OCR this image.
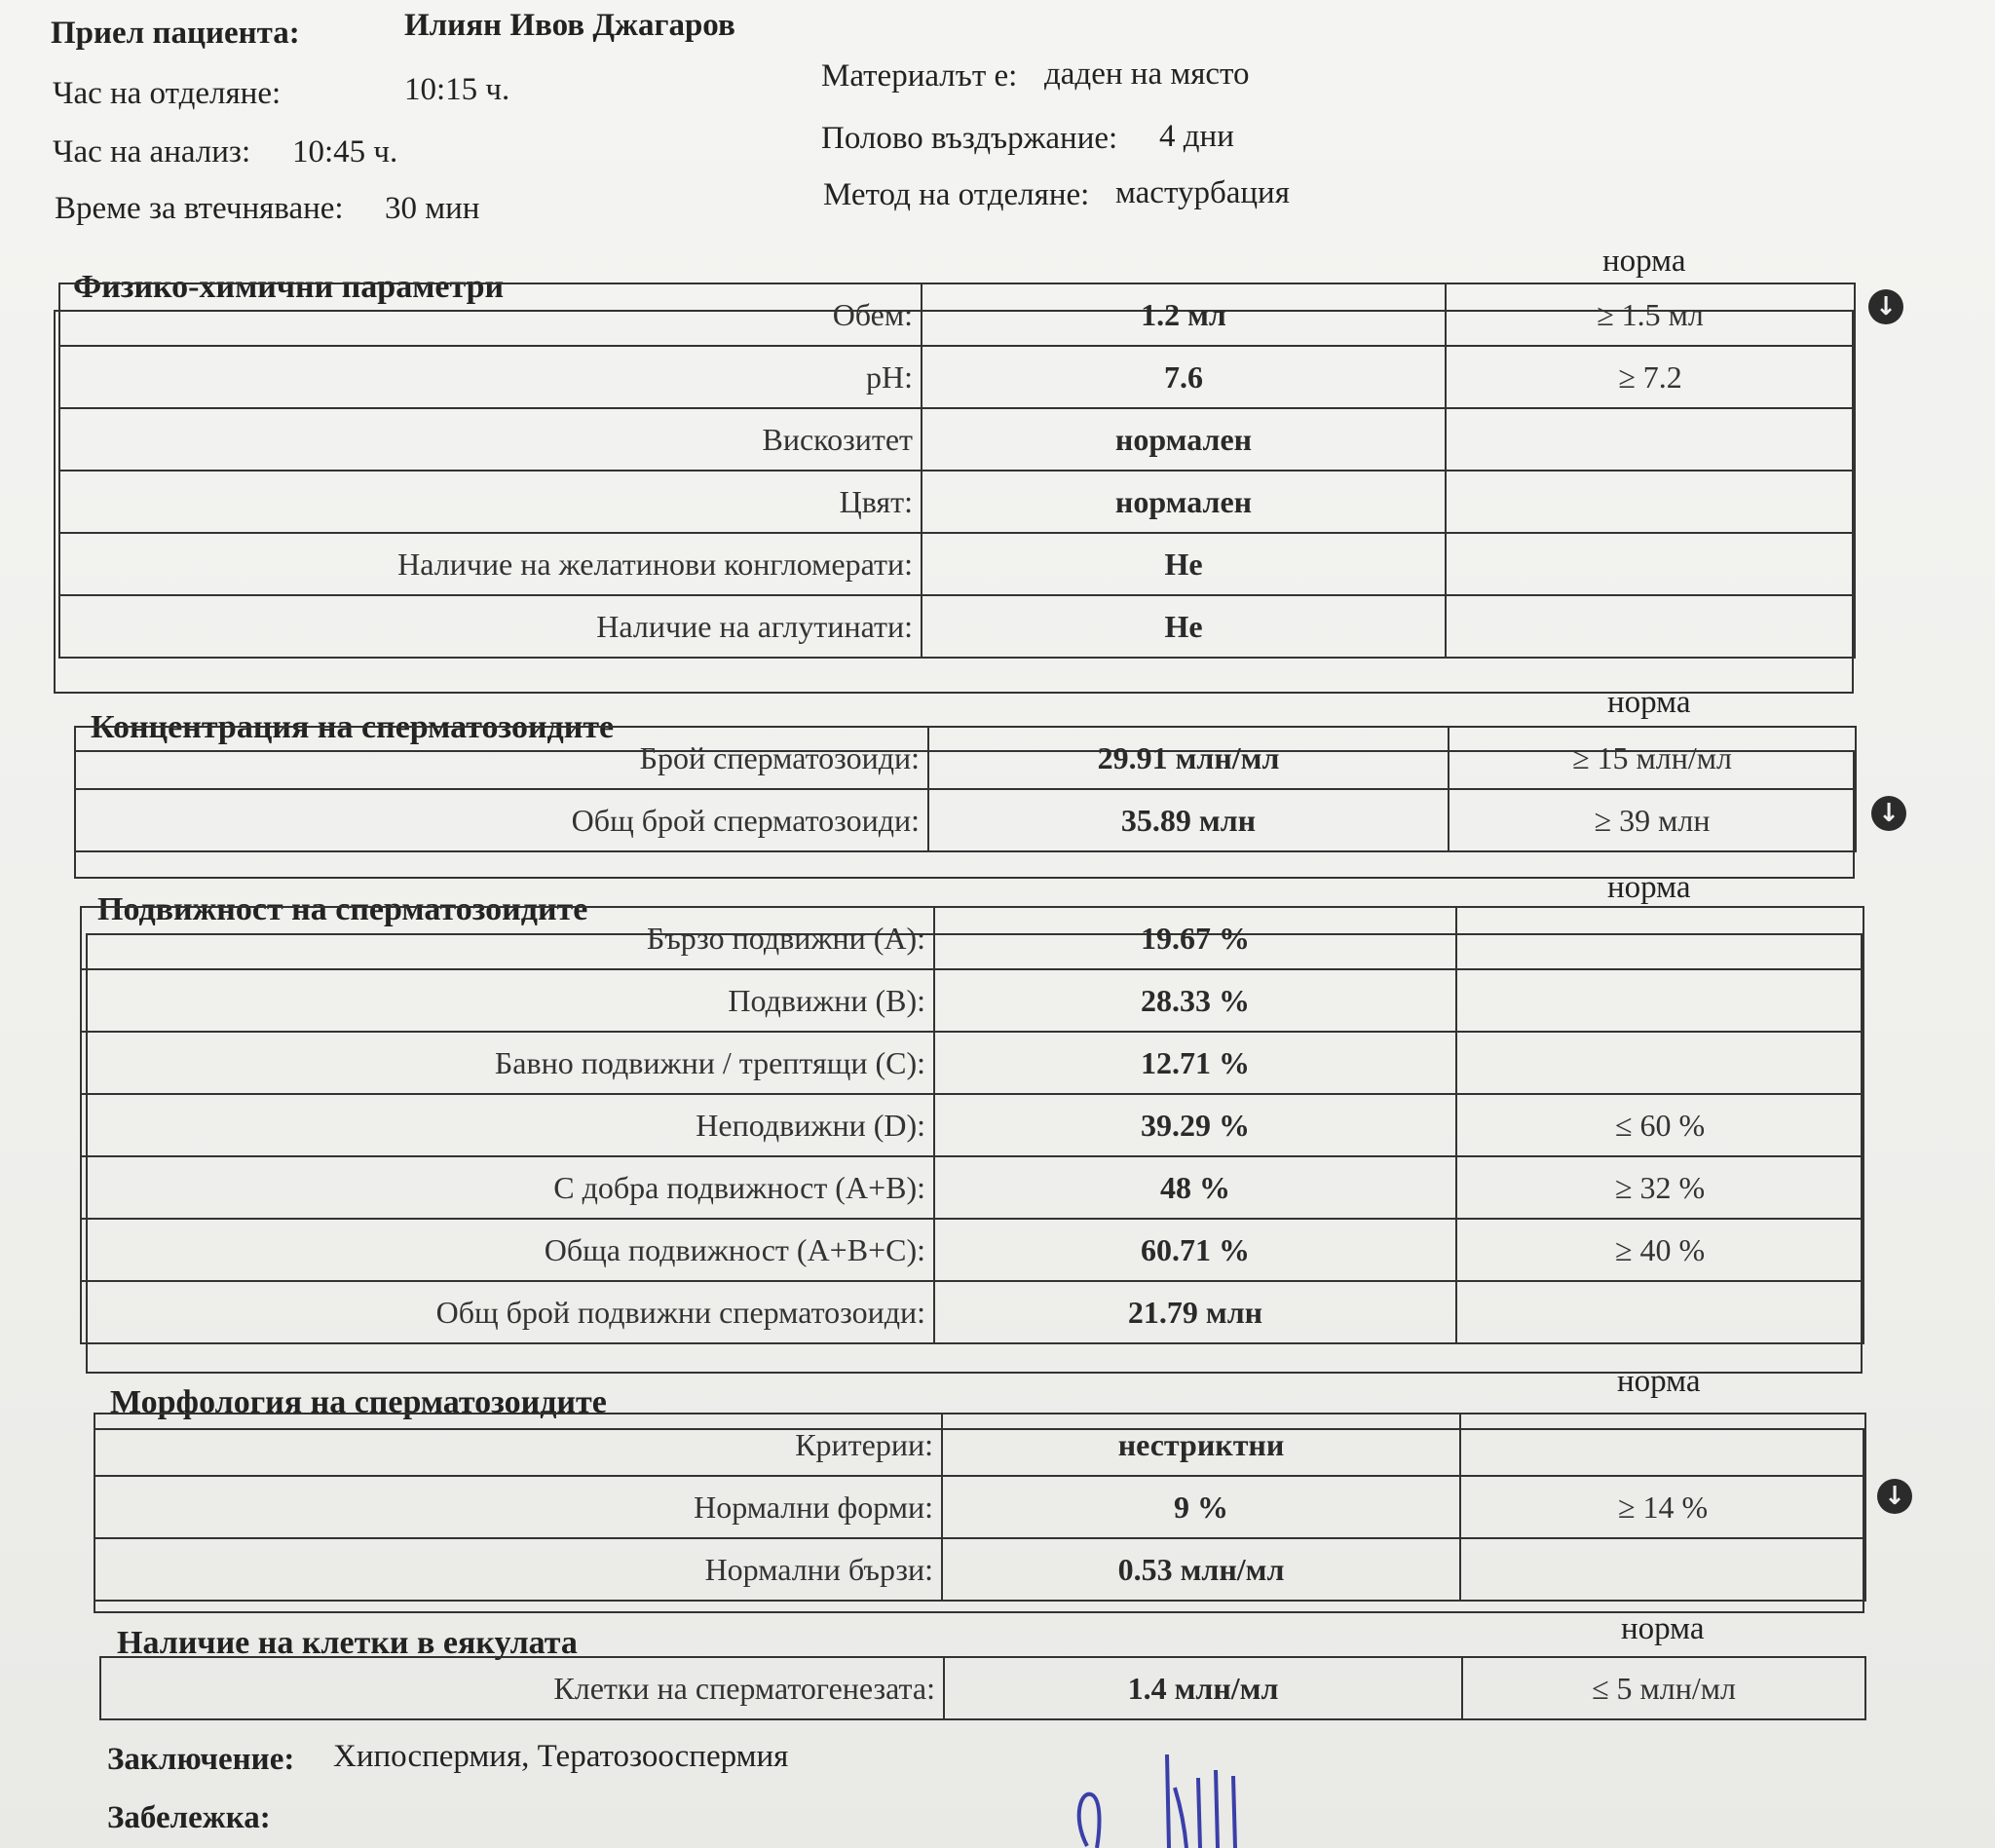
Приел пациента:	Илиян Ивов Джагаров
Час на отделяне:	10:15 ч.
Час на анализ: 10:45 ч.
Време за втечняване: 30 мин
Материалът е: даден на място
Полово въздържание: 4 дни
Метод на отделяне: мастурбация
Физико-химични параметри
норма
Обем:	1.2 мл	≥ 1.5 мл
pH:	7.6	≥ 7.2
Вискозитет	нормален	
Цвят:	нормален	
Наличие на желатинови конгломерати:	Не	
Наличие на аглутинати:	Не	
↓
Концентрация на сперматозоидите
норма
Брой сперматозоиди:	29.91 млн/мл	≥ 15 млн/мл
Общ брой сперматозоиди:	35.89 млн	≥ 39 млн	↓
Подвижност на сперматозоидите
норма
Бързо подвижни (A):	19.67 %	
Подвижни (B):	28.33 %	
Бавно подвижни / трептящи (C):	12.71 %	
Неподвижни (D):	39.29 %	≤ 60 %
С добра подвижност (A+B):	48 %	≥ 32 %
Обща подвижност (A+B+C):	60.71 %	≥ 40 %
Общ брой подвижни сперматозоиди:	21.79 млн	
Морфология на сперматозоидите
норма
Критерии:	нестриктни	
Нормални форми:	9 %	≥ 14 %
Нормални бързи:	0.53 млн/мл	
↓
Наличие на клетки в еякулата	норма
Клетки на сперматогенезата:	1.4 млн/мл	≤ 5 млн/мл
Заключение: Хипоспермия, Тератозооспермия
Забележка:
